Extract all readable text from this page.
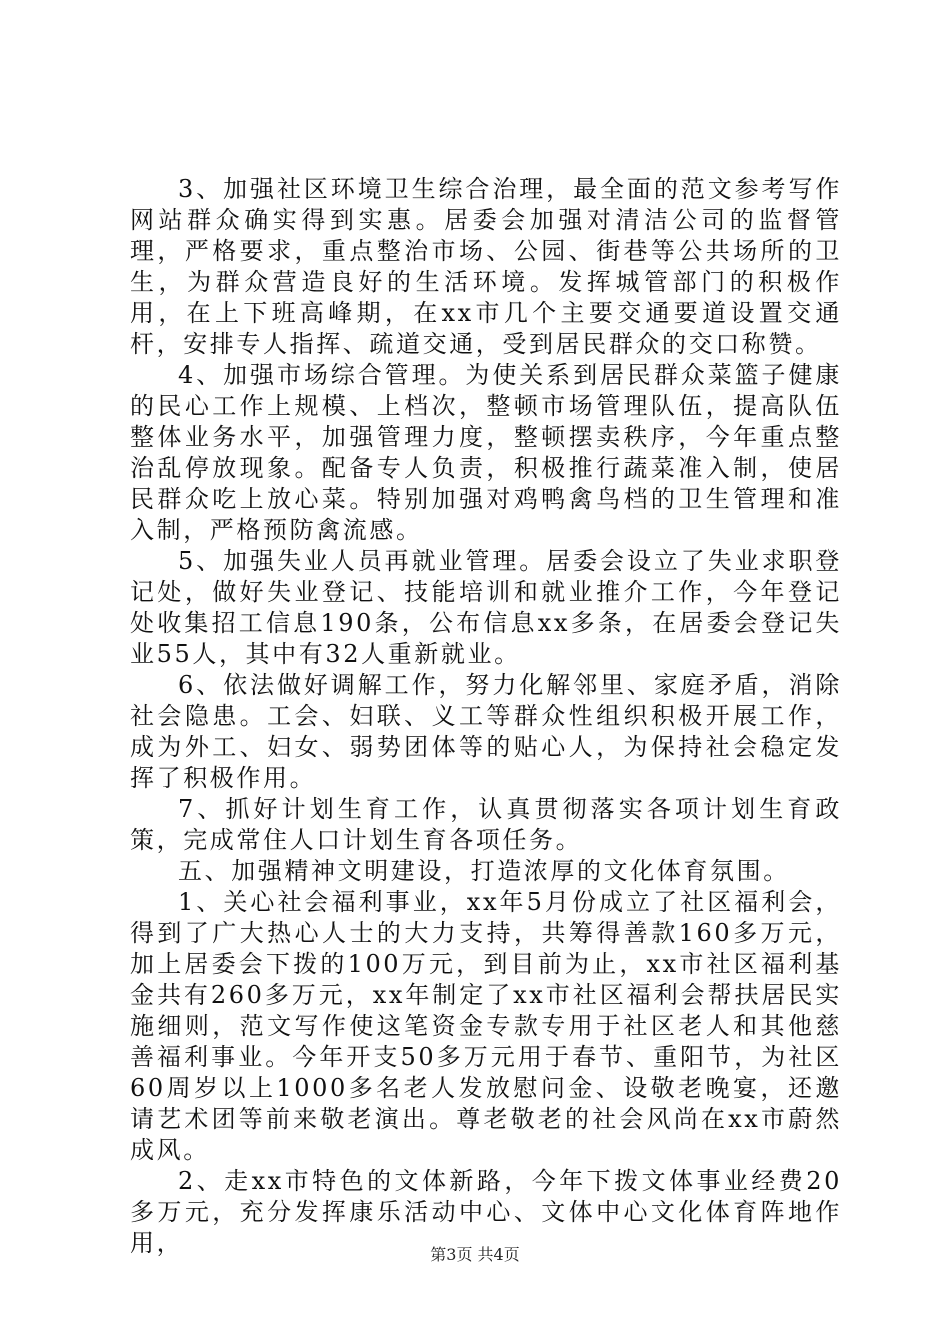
3、加强社区环境卫生综合治理，最全面的范文参考写作网站群众确实得到实惠。居委会加强对清洁公司的监督管理，严格要求，重点整治市场、公园、街巷等公共场所的卫生，为群众营造良好的生活环境。发挥城管部门的积极作用，在上下班高峰期，在xx市几个主要交通要道设置交通杆，安排专人指挥、疏道交通，受到居民群众的交口称赞。

4、加强市场综合管理。为使关系到居民群众菜篮子健康的民心工作上规模、上档次，整顿市场管理队伍，提高队伍整体业务水平，加强管理力度，整顿摆卖秩序，今年重点整治乱停放现象。配备专人负责，积极推行蔬菜准入制，使居民群众吃上放心菜。特别加强对鸡鸭禽鸟档的卫生管理和准入制，严格预防禽流感。

5、加强失业人员再就业管理。居委会设立了失业求职登记处，做好失业登记、技能培训和就业推介工作，今年登记处收集招工信息190条，公布信息xx多条，在居委会登记失业55人，其中有32人重新就业。

6、依法做好调解工作，努力化解邻里、家庭矛盾，消除社会隐患。工会、妇联、义工等群众性组织积极开展工作，成为外工、妇女、弱势团体等的贴心人，为保持社会稳定发挥了积极作用。

7、抓好计划生育工作，认真贯彻落实各项计划生育政策，完成常住人口计划生育各项任务。

五、加强精神文明建设，打造浓厚的文化体育氛围。

1、关心社会福利事业，xx年5月份成立了社区福利会，得到了广大热心人士的大力支持，共筹得善款160多万元，加上居委会下拨的100万元，到目前为止，xx市社区福利基金共有260多万元，xx年制定了xx市社区福利会帮扶居民实施细则，范文写作使这笔资金专款专用于社区老人和其他慈善福利事业。今年开支50多万元用于春节、重阳节，为社区60周岁以上1000多名老人发放慰问金、设敬老晚宴，还邀请艺术团等前来敬老演出。尊老敬老的社会风尚在xx市蔚然成风。

2、走xx市特色的文体新路，今年下拨文体事业经费20多万元，充分发挥康乐活动中心、文体中心文化体育阵地作用，	第3页 共4页
